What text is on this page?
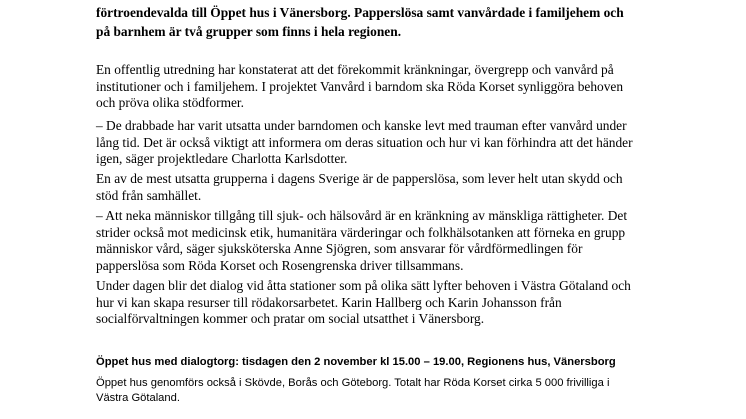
förtroendevalda till Öppet hus i Vänersborg. Papperslösa samt vanvårdade i familjehem och
på barnhem är två grupper som finns i hela regionen.

En offentlig utredning har konstaterat att det förekommit kränkningar, övergrepp och vanvård på
institutioner och i familjehem. I projektet Vanvård i barndom ska Röda Korset synliggöra behoven
och pröva olika stödformer.

– De drabbade har varit utsatta under barndomen och kanske levt med trauman efter vanvård under
lång tid. Det är också viktigt att informera om deras situation och hur vi kan förhindra att det händer
igen, säger projektledare Charlotta Karlsdotter.

En av de mest utsatta grupperna i dagens Sverige är de papperslösa, som lever helt utan skydd och
stöd från samhället.

– Att neka människor tillgång till sjuk- och hälsovård är en kränkning av mänskliga rättigheter. Det
strider också mot medicinsk etik, humanitära värderingar och folkhälsotanken att förneka en grupp
människor vård, säger sjuksköterska Anne Sjögren, som ansvarar för vårdförmedlingen för
papperslösa som Röda Korset och Rosengrenska driver tillsammans.

Under dagen blir det dialog vid åtta stationer som på olika sätt lyfter behoven i Västra Götaland och
hur vi kan skapa resurser till rödakorsarbetet. Karin Hallberg och Karin Johansson från
socialförvaltningen kommer och pratar om social utsatthet i Vänersborg.

Öppet hus med dialogtorg: tisdagen den 2 november kl 15.00 – 19.00, Regionens hus, Vänersborg

Öppet hus genomförs också i Skövde, Borås och Göteborg. Totalt har Röda Korset cirka 5 000 frivilliga i
Västra Götaland.
